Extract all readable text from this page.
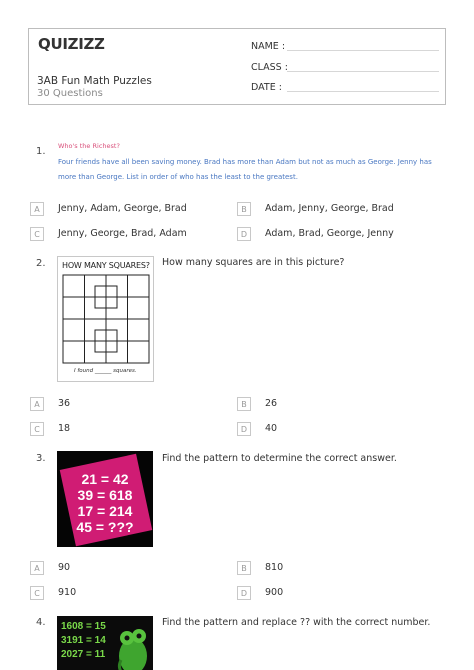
QUIZIZZ
3AB Fun Math Puzzles
30 Questions
NAME :
CLASS :
DATE :
1. Who's the Richest?
Four friends have all been saving money. Brad has more than Adam but not as much as George. Jenny has more than George. List in order of who has the least to the greatest.
A	Jenny, Adam, George, Brad	B	Adam, Jenny, George, Brad
C	Jenny, George, Brad, Adam	D	Adam, Brad, George, Jenny
2. HOW MANY SQUARES?
I found ______ squares.
How many squares are in this picture?
A	36	B	26
C	18	D	40
3.
21 = 42
39 = 618
17 = 214
45 = ???
Find the pattern to determine the correct answer.
A	90	B	810
C	910	D	900
4. 1608 = 15
3191 = 14
2027 = 11
Find the pattern and replace ?? with the correct number.
